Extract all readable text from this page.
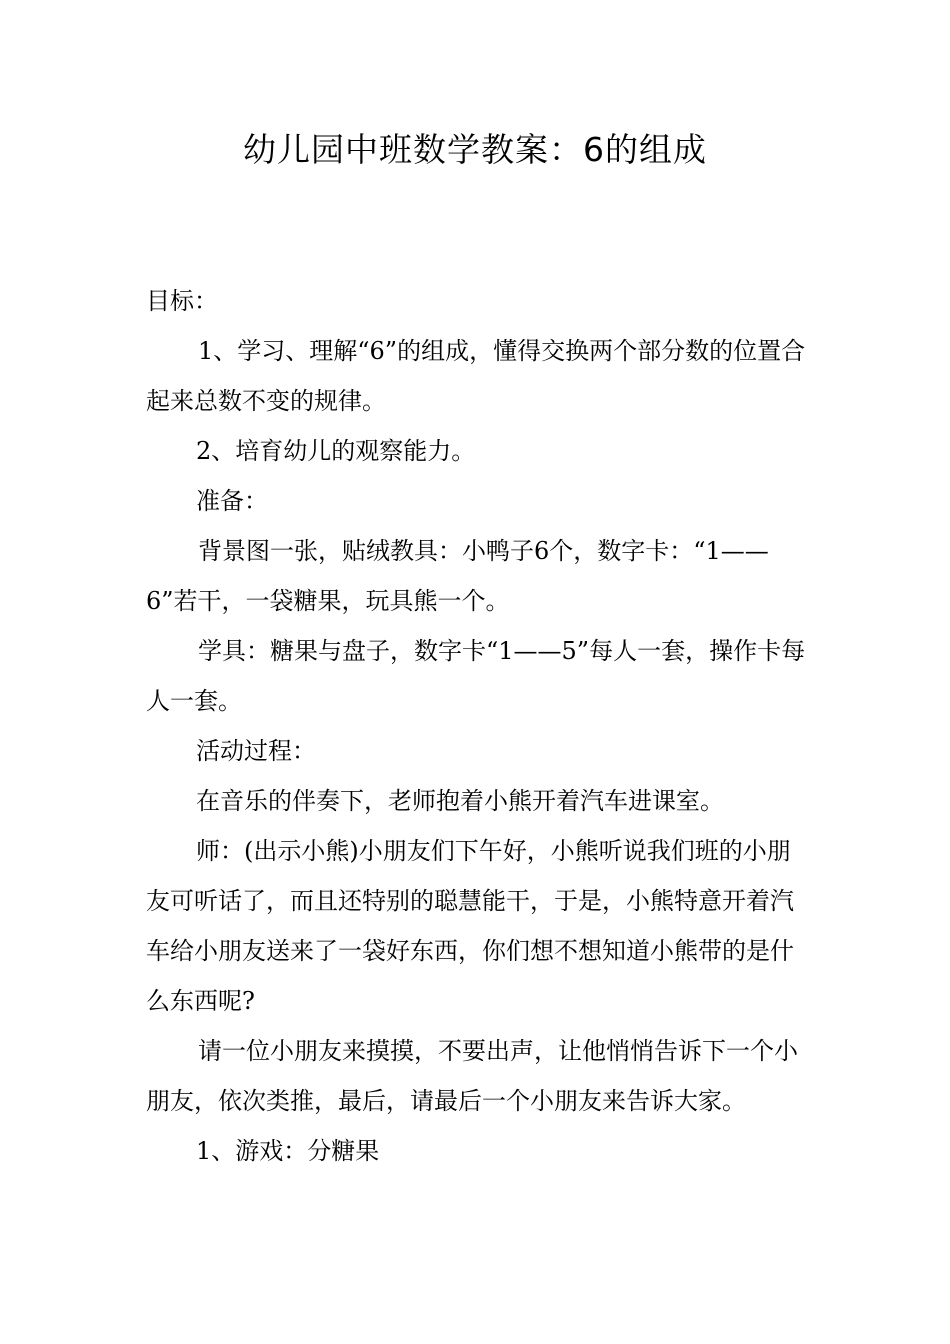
幼儿园中班数学教案：6的组成

目标：

1、学习、理解“6”的组成，懂得交换两个部分数的位置合起来总数不变的规律。

2、培育幼儿的观察能力。

准备：

背景图一张，贴绒教具：小鸭子6个，数字卡：“1——6”若干，一袋糖果，玩具熊一个。

学具：糖果与盘子，数字卡“1——5”每人一套，操作卡每人一套。

活动过程：

在音乐的伴奏下，老师抱着小熊开着汽车进课室。

师：(出示小熊)小朋友们下午好，小熊听说我们班的小朋友可听话了，而且还特别的聪慧能干，于是，小熊特意开着汽车给小朋友送来了一袋好东西，你们想不想知道小熊带的是什么东西呢?

请一位小朋友来摸摸，不要出声，让他悄悄告诉下一个小朋友，依次类推，最后，请最后一个小朋友来告诉大家。

1、游戏：分糖果
